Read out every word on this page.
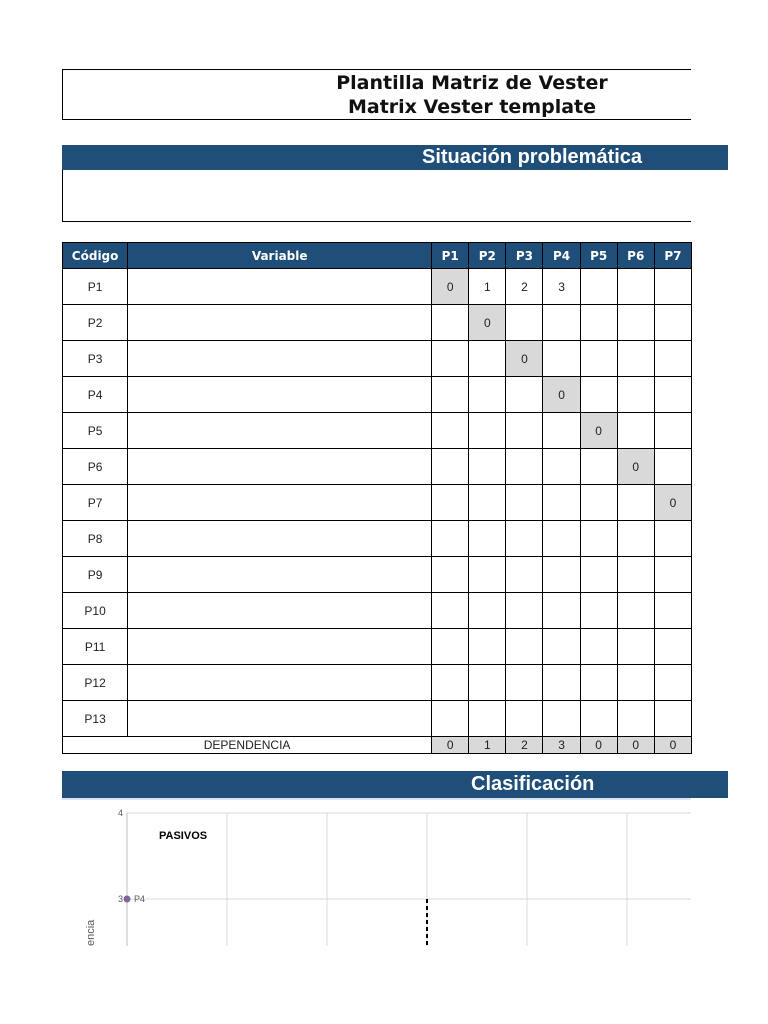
Plantilla Matriz de Vester
Matrix Vester template
Situación problemática
Código	Variable	P1	P2	P3	P4	P5	P6	P7
P1		0	1	2	3			
P2			0					
P3				0				
P4					0			
P5						0		
P6							0	
P7								0
P8								
P9								
P10								
P11								
P12								
P13								
DEPENDENCIA		0	1	2	3	0	0	0
Clasificación
4
3
PASIVOS
encia
P4
